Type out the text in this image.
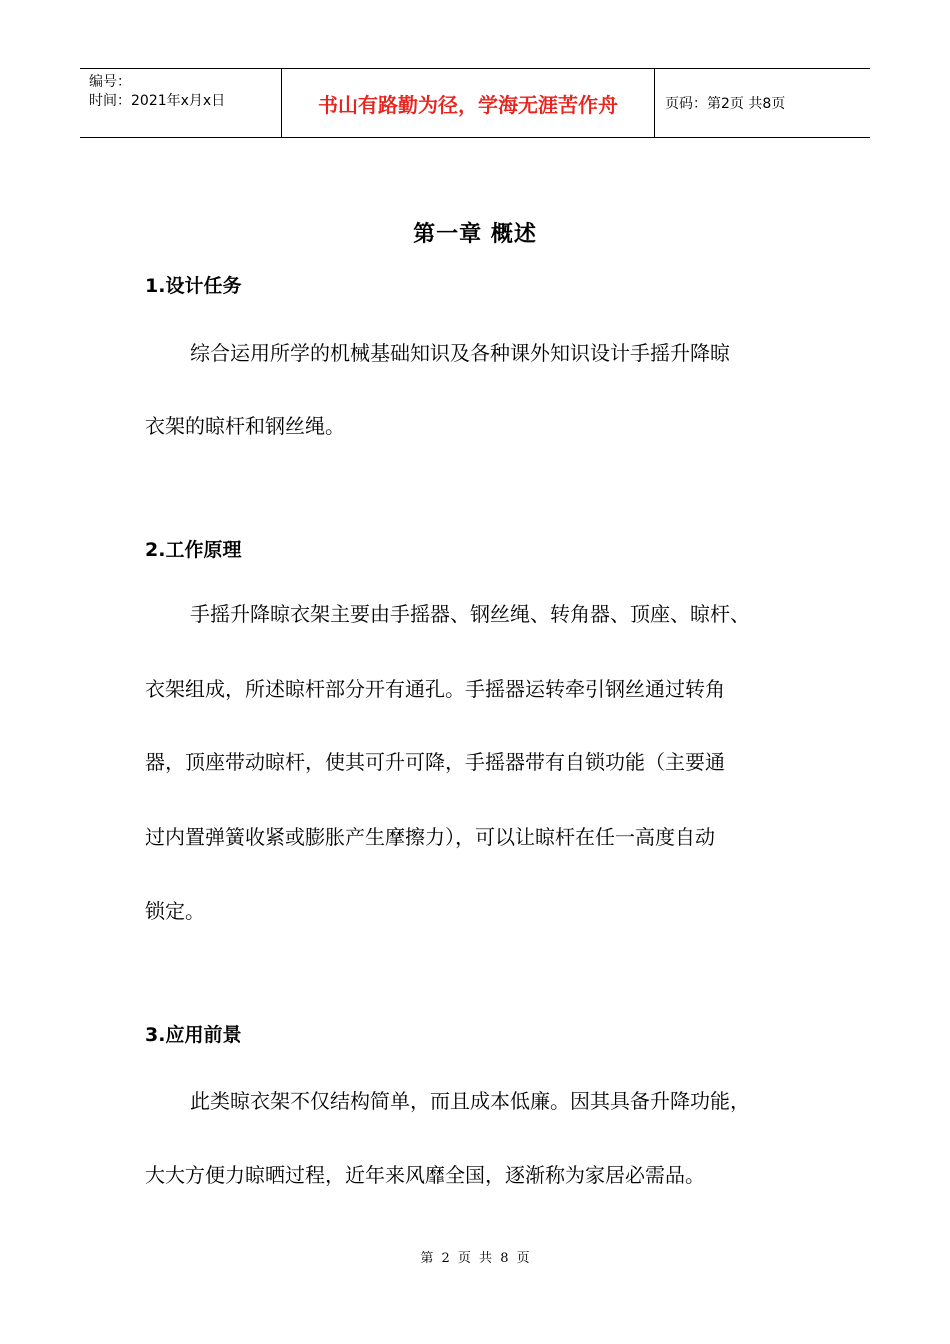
编号：
时间：2021年x月x日	书山有路勤为径，学海无涯苦作舟	页码：第2页 共8页
第一章 概述
1.设计任务
综合运用所学的机械基础知识及各种课外知识设计手摇升降晾
衣架的晾杆和钢丝绳。
2.工作原理
手摇升降晾衣架主要由手摇器、钢丝绳、转角器、顶座、晾杆、
衣架组成，所述晾杆部分开有通孔。手摇器运转牵引钢丝通过转角
器，顶座带动晾杆，使其可升可降，手摇器带有自锁功能（主要通
过内置弹簧收紧或膨胀产生摩擦力），可以让晾杆在任一高度自动
锁定。
3.应用前景
此类晾衣架不仅结构简单，而且成本低廉。因其具备升降功能，
大大方便力晾晒过程，近年来风靡全国，逐渐称为家居必需品。
第 2 页 共 8 页
